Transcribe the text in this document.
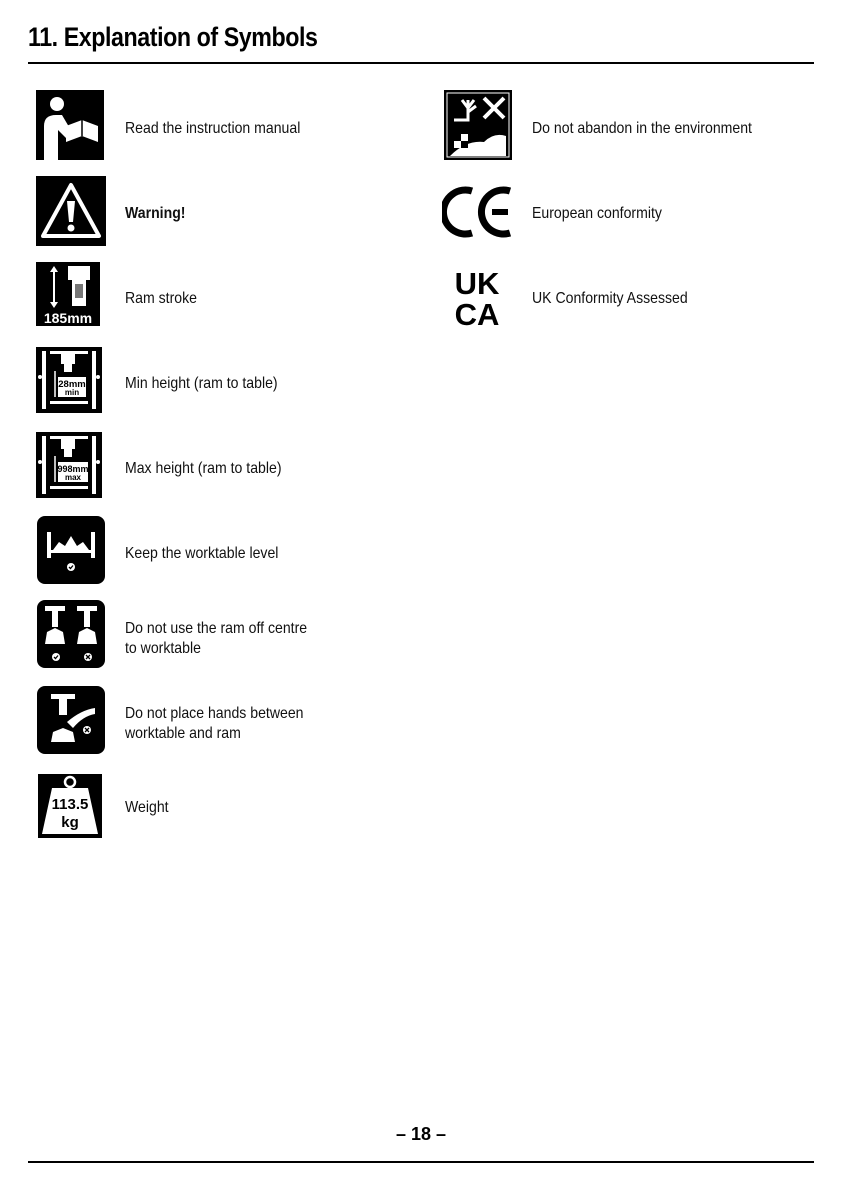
11. Explanation of Symbols
Read the instruction manual
Warning!
185mm
Ram stroke
28mm
min
Min height (ram to table)
998mm
max
Max height (ram to table)
Keep the worktable level
Do not use the ram off centre
to worktable
Do not place hands between
worktable and ram
113.5
kg
Weight
Do not abandon in the environment
European conformity
UK
CA UK Conformity Assessed
– 18 –
